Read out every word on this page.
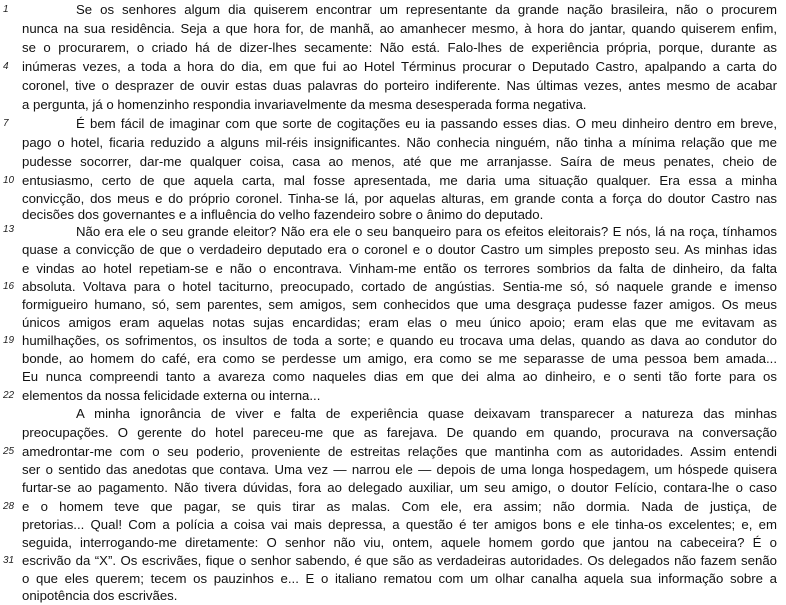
1
4
7
10
13
16
19
22
25
28
31
Se os senhores algum dia quiserem encontrar um representante da grande nação brasileira, não o procurem
nunca na sua residência. Seja a que hora for, de manhã, ao amanhecer mesmo, à hora do jantar, quando quiserem enfim,
se o procurarem, o criado há de dizer-lhes secamente: Não está. Falo-lhes de experiência própria, porque, durante as
inúmeras vezes, a toda a hora do dia, em que fui ao Hotel Términus procurar o Deputado Castro, apalpando a carta do
coronel, tive o desprazer de ouvir estas duas palavras do porteiro indiferente. Nas últimas vezes, antes mesmo de acabar
a pergunta, já o homenzinho respondia invariavelmente da mesma desesperada forma negativa.
É bem fácil de imaginar com que sorte de cogitações eu ia passando esses dias. O meu dinheiro dentro em breve,
pago o hotel, ficaria reduzido a alguns mil-réis insignificantes. Não conhecia ninguém, não tinha a mínima relação que me
pudesse socorrer, dar-me qualquer coisa, casa ao menos, até que me arranjasse. Saíra de meus penates, cheio de
entusiasmo, certo de que aquela carta, mal fosse apresentada, me daria uma situação qualquer. Era essa a minha
convicção, dos meus e do próprio coronel. Tinha-se lá, por aquelas alturas, em grande conta a força do doutor Castro nas
decisões dos governantes e a influência do velho fazendeiro sobre o ânimo do deputado.
Não era ele o seu grande eleitor? Não era ele o seu banqueiro para os efeitos eleitorais? E nós, lá na roça, tínhamos
quase a convicção de que o verdadeiro deputado era o coronel e o doutor Castro um simples preposto seu. As minhas idas
e vindas ao hotel repetiam-se e não o encontrava. Vinham-me então os terrores sombrios da falta de dinheiro, da falta
absoluta. Voltava para o hotel taciturno, preocupado, cortado de angústias. Sentia-me só, só naquele grande e imenso
formigueiro humano, só, sem parentes, sem amigos, sem conhecidos que uma desgraça pudesse fazer amigos. Os meus
únicos amigos eram aquelas notas sujas encardidas; eram elas o meu único apoio; eram elas que me evitavam as
humilhações, os sofrimentos, os insultos de toda a sorte; e quando eu trocava uma delas, quando as dava ao condutor do
bonde, ao homem do café, era como se perdesse um amigo, era como se me separasse de uma pessoa bem amada...
Eu nunca compreendi tanto a avareza como naqueles dias em que dei alma ao dinheiro, e o senti tão forte para os
elementos da nossa felicidade externa ou interna...
A minha ignorância de viver e falta de experiência quase deixavam transparecer a natureza das minhas
preocupações. O gerente do hotel pareceu-me que as farejava. De quando em quando, procurava na conversação
amedrontar-me com o seu poderio, proveniente de estreitas relações que mantinha com as autoridades. Assim entendi
ser o sentido das anedotas que contava. Uma vez — narrou ele — depois de uma longa hospedagem, um hóspede quisera
furtar-se ao pagamento. Não tivera dúvidas, fora ao delegado auxiliar, um seu amigo, o doutor Felício, contara-lhe o caso
e o homem teve que pagar, se quis tirar as malas. Com ele, era assim; não dormia. Nada de justiça, de
pretorias... Qual! Com a polícia a coisa vai mais depressa, a questão é ter amigos bons e ele tinha-os excelentes; e, em
seguida, interrogando-me diretamente: O senhor não viu, ontem, aquele homem gordo que jantou na cabeceira? É o
escrivão da “X”. Os escrivães, fique o senhor sabendo, é que são as verdadeiras autoridades. Os delegados não fazem senão
o que eles querem; tecem os pauzinhos e... E o italiano rematou com um olhar canalha aquela sua informação sobre a
onipotência dos escrivães.
